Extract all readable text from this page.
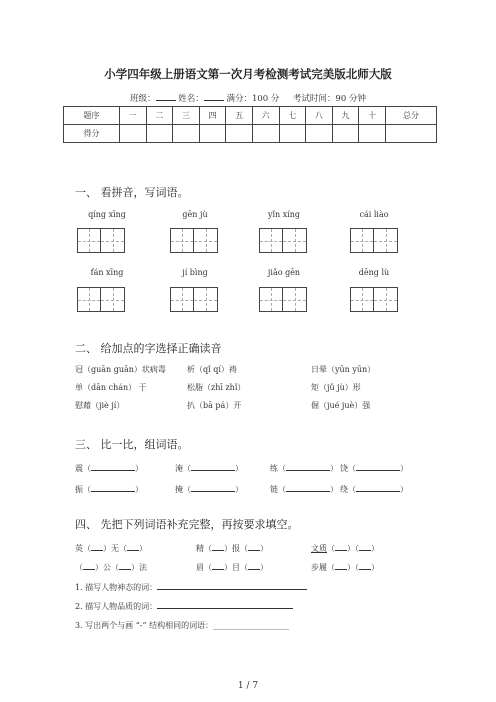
小学四年级上册语文第一次月考检测考试完美版北师大版
班级：	姓名：	满分：100 分 考试时间：90 分钟
题序	一	二	三	四	五	六	七	八	九	十	总分
得分											
一、 看拼音，写词语。
qíng xīng	gēn jù	yǐn xíng	cái liào
fán xīng	jí bìng	jiǎo gēn	dēng lù
二、 给加点的字选择正确读音
冠（guān guān）状病毒	析（qǐ qí）祷	日晕（yūn yūn）
单（dān chán） 于	松脂（zhī zhǐ）	矩（jǔ jù）形
慰藉（jiè jí）	扒（bā pá）开	倔（jué juè）强
三、 比一比，组词语。
震（	）	淹（	）	练（	） 饶（	）
振（	）	掩（	）	链（	） 绕（	）
四、 先把下列词语补充完整，再按要求填空。
英（ ）无（ ）	精（ ）报（ ）	文质（ ）（ ）
（ ）公（ ）法	眉（ ）目（ ）	步履（ ）（ ）
1. 描写人物神态的词：
2. 描写人物品质的词：
3. 写出两个与画 “-” 结构相同的词语：___________________
1 / 7
